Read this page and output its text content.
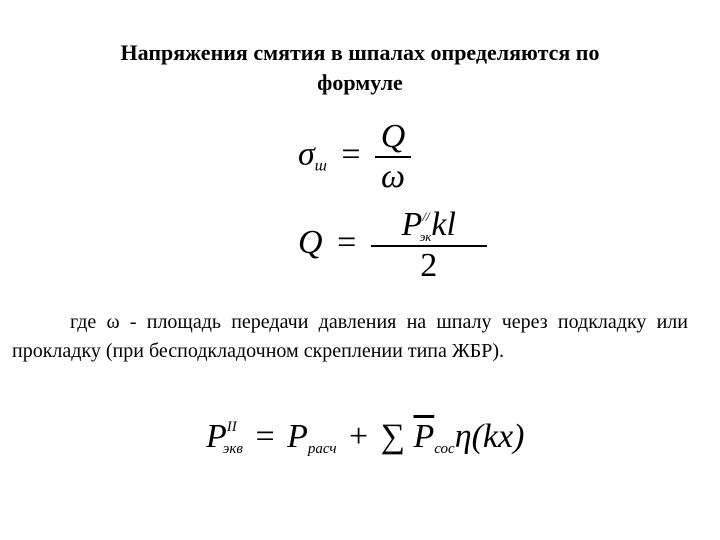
Напряжения смятия в шпалах определяются по
формуле
$\sigma_ш = \frac{Q}{\omega}$
$Q = \frac{P^{//}_{эк}kl}{2}$
где ω - площадь передачи давления на шпалу через подкладку или прокладку (при бесподкладочном скреплении типа ЖБР).
$P^{II}_{экв} = P_{расч}$ + ∑ $\overline{P}_{сос}\eta(kx)$
